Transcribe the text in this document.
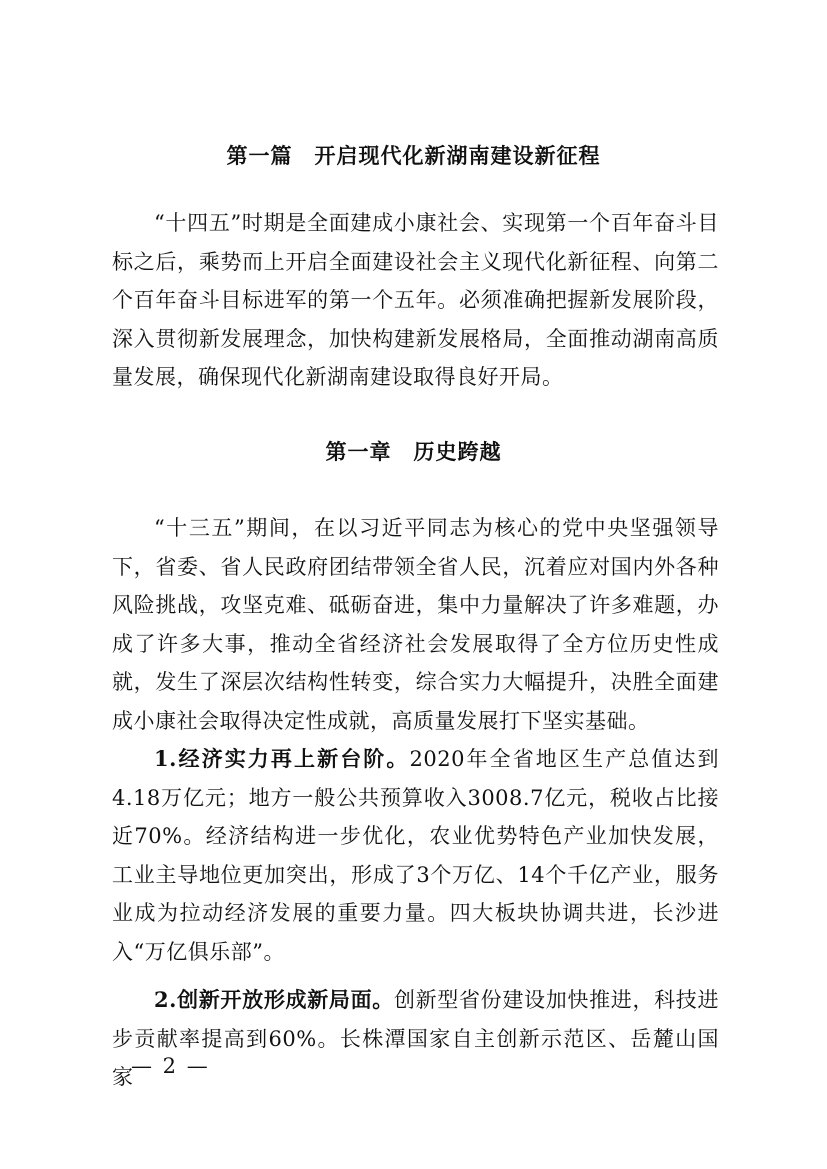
第一篇　开启现代化新湖南建设新征程

“十四五”时期是全面建成小康社会、实现第一个百年奋斗目标之后，乘势而上开启全面建设社会主义现代化新征程、向第二个百年奋斗目标进军的第一个五年。必须准确把握新发展阶段，深入贯彻新发展理念，加快构建新发展格局，全面推动湖南高质量发展，确保现代化新湖南建设取得良好开局。

第一章　历史跨越

“十三五”期间，在以习近平同志为核心的党中央坚强领导下，省委、省人民政府团结带领全省人民，沉着应对国内外各种风险挑战，攻坚克难、砥砺奋进，集中力量解决了许多难题，办成了许多大事，推动全省经济社会发展取得了全方位历史性成就，发生了深层次结构性转变，综合实力大幅提升，决胜全面建成小康社会取得决定性成就，高质量发展打下坚实基础。

1.经济实力再上新台阶。2020年全省地区生产总值达到4.18万亿元；地方一般公共预算收入3008.7亿元，税收占比接近70%。经济结构进一步优化，农业优势特色产业加快发展，工业主导地位更加突出，形成了3个万亿、14个千亿产业，服务业成为拉动经济发展的重要力量。四大板块协调共进，长沙进入“万亿俱乐部”。

2.创新开放形成新局面。创新型省份建设加快推进，科技进步贡献率提高到60%。长株潭国家自主创新示范区、岳麓山国家

— 2 —
